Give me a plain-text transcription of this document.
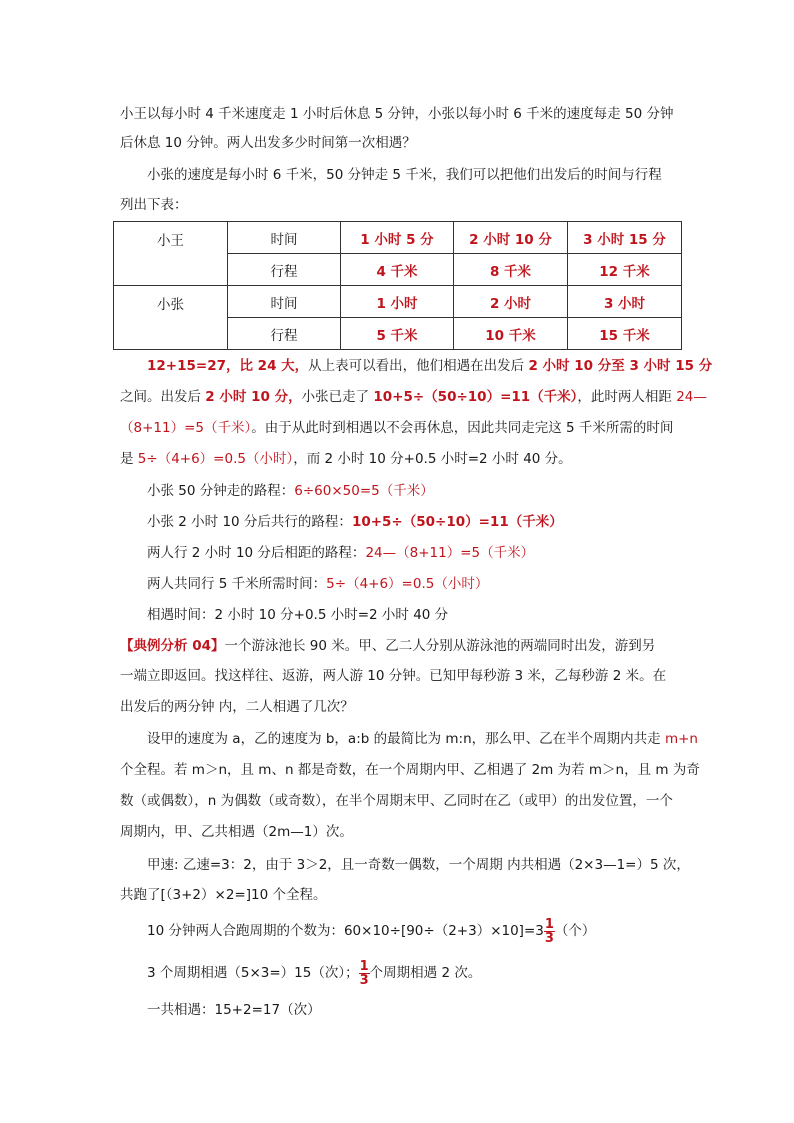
小王以每小时 4 千米速度走 1 小时后休息 5 分钟，小张以每小时 6 千米的速度每走 50 分钟
后休息 10 分钟。两人出发多少时间第一次相遇？
小张的速度是每小时 6 千米，50 分钟走 5 千米，我们可以把他们出发后的时间与行程
列出下表：
小王	时间	1 小时 5 分	2 小时 10 分	3 小时 15 分
	行程	4 千米	8 千米	12 千米
小张	时间	1 小时	2 小时	3 小时
	行程	5 千米	10 千米	15 千米
12+15=27，比 24 大，从上表可以看出，他们相遇在出发后 2 小时 10 分至 3 小时 15 分
之间。出发后 2 小时 10 分，小张已走了 10+5÷（50÷10）=11（千米），此时两人相距 24—
（8+11）=5（千米）。由于从此时到相遇以不会再休息，因此共同走完这 5 千米所需的时间
是 5÷（4+6）=0.5（小时），而 2 小时 10 分+0.5 小时=2 小时 40 分。
小张 50 分钟走的路程：6÷60×50=5（千米）
小张 2 小时 10 分后共行的路程：10+5÷（50÷10）=11（千米）
两人行 2 小时 10 分后相距的路程：24—（8+11）=5（千米）
两人共同行 5 千米所需时间：5÷（4+6）=0.5（小时）
相遇时间：2 小时 10 分+0.5 小时=2 小时 40 分
【典例分析 04】一个游泳池长 90 米。甲、乙二人分别从游泳池的两端同时出发，游到另
一端立即返回。找这样往、返游，两人游 10 分钟。已知甲每秒游 3 米，乙每秒游 2 米。在
出发后的两分钟 内，二人相遇了几次？
设甲的速度为 a，乙的速度为 b，a:b 的最简比为 m:n，那么甲、乙在半个周期内共走 m+n
个全程。若 m＞n，且 m、n 都是奇数，在一个周期内甲、乙相遇了 2m 为若 m＞n，且 m 为奇
数（或偶数），n 为偶数（或奇数），在半个周期末甲、乙同时在乙（或甲）的出发位置，一个
周期内，甲、乙共相遇（2m—1）次。
甲速: 乙速=3：2，由于 3＞2，且一奇数一偶数，一个周期 内共相遇（2×3—1=）5 次，
共跑了[（3+2）×2=]10 个全程。
10 分钟两人合跑周期的个数为：$60\times 10\div[90\div(2+3)\times 10]=3 \frac{1}{3}$ （个）
3 个周期相遇（5×3=）15（次）； $\frac{1}{3}$ 个周期相遇 2 次。
一共相遇：15+2=17（次）
